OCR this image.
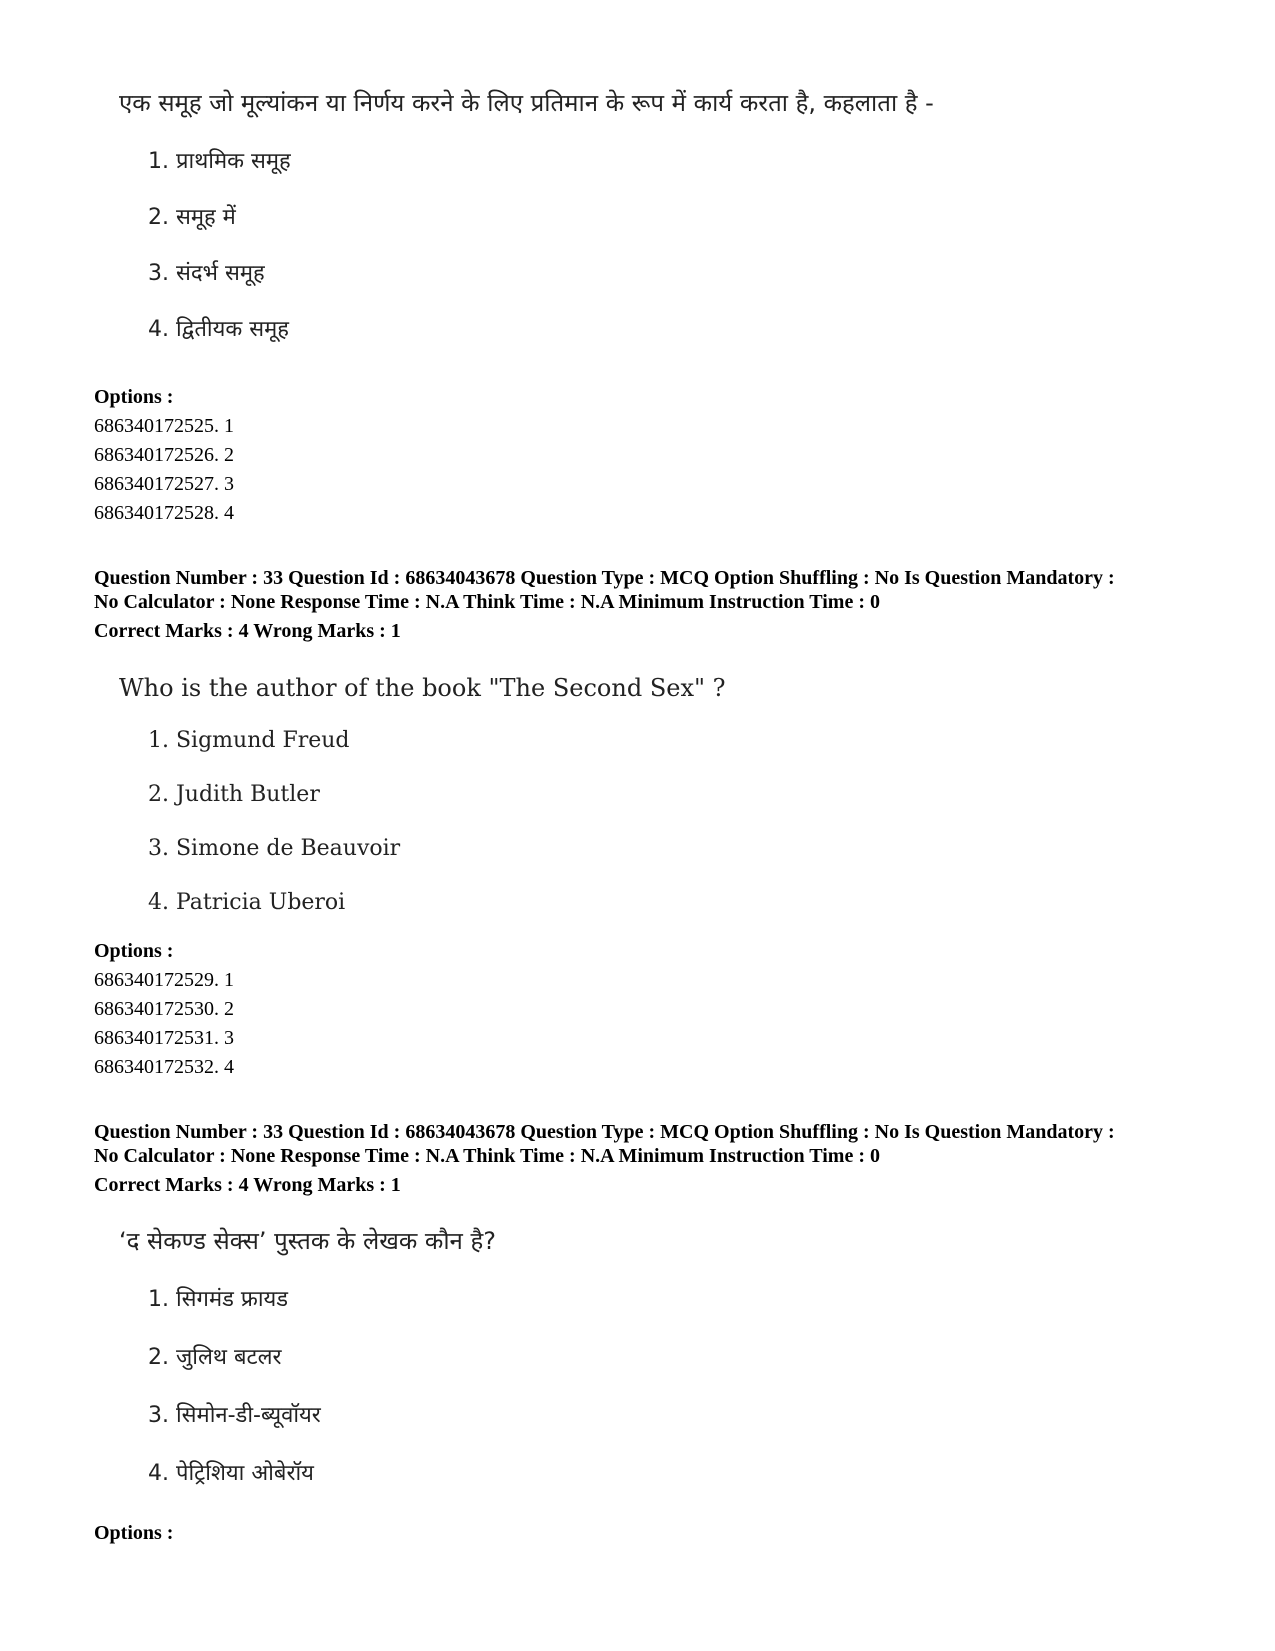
एक समूह जो मूल्यांकन या निर्णय करने के लिए प्रतिमान के रूप में कार्य करता है, कहलाता है -
1. प्राथमिक समूह
2. समूह में
3. संदर्भ समूह
4. द्वितीयक समूह
Options :
686340172525. 1
686340172526. 2
686340172527. 3
686340172528. 4
Question Number : 33 Question Id : 68634043678 Question Type : MCQ Option Shuffling : No Is Question Mandatory :
No Calculator : None Response Time : N.A Think Time : N.A Minimum Instruction Time : 0
Correct Marks : 4 Wrong Marks : 1
Who is the author of the book "The Second Sex" ?
1. Sigmund Freud
2. Judith Butler
3. Simone de Beauvoir
4. Patricia Uberoi
Options :
686340172529. 1
686340172530. 2
686340172531. 3
686340172532. 4
Question Number : 33 Question Id : 68634043678 Question Type : MCQ Option Shuffling : No Is Question Mandatory :
No Calculator : None Response Time : N.A Think Time : N.A Minimum Instruction Time : 0
Correct Marks : 4 Wrong Marks : 1
‘द सेकण्ड सेक्स’ पुस्तक के लेखक कौन है?
1. सिगमंड फ्रायड
2. जुलिथ बटलर
3. सिमोन-डी-ब्यूवॉयर
4. पेट्रिशिया ओबेरॉय
Options :
